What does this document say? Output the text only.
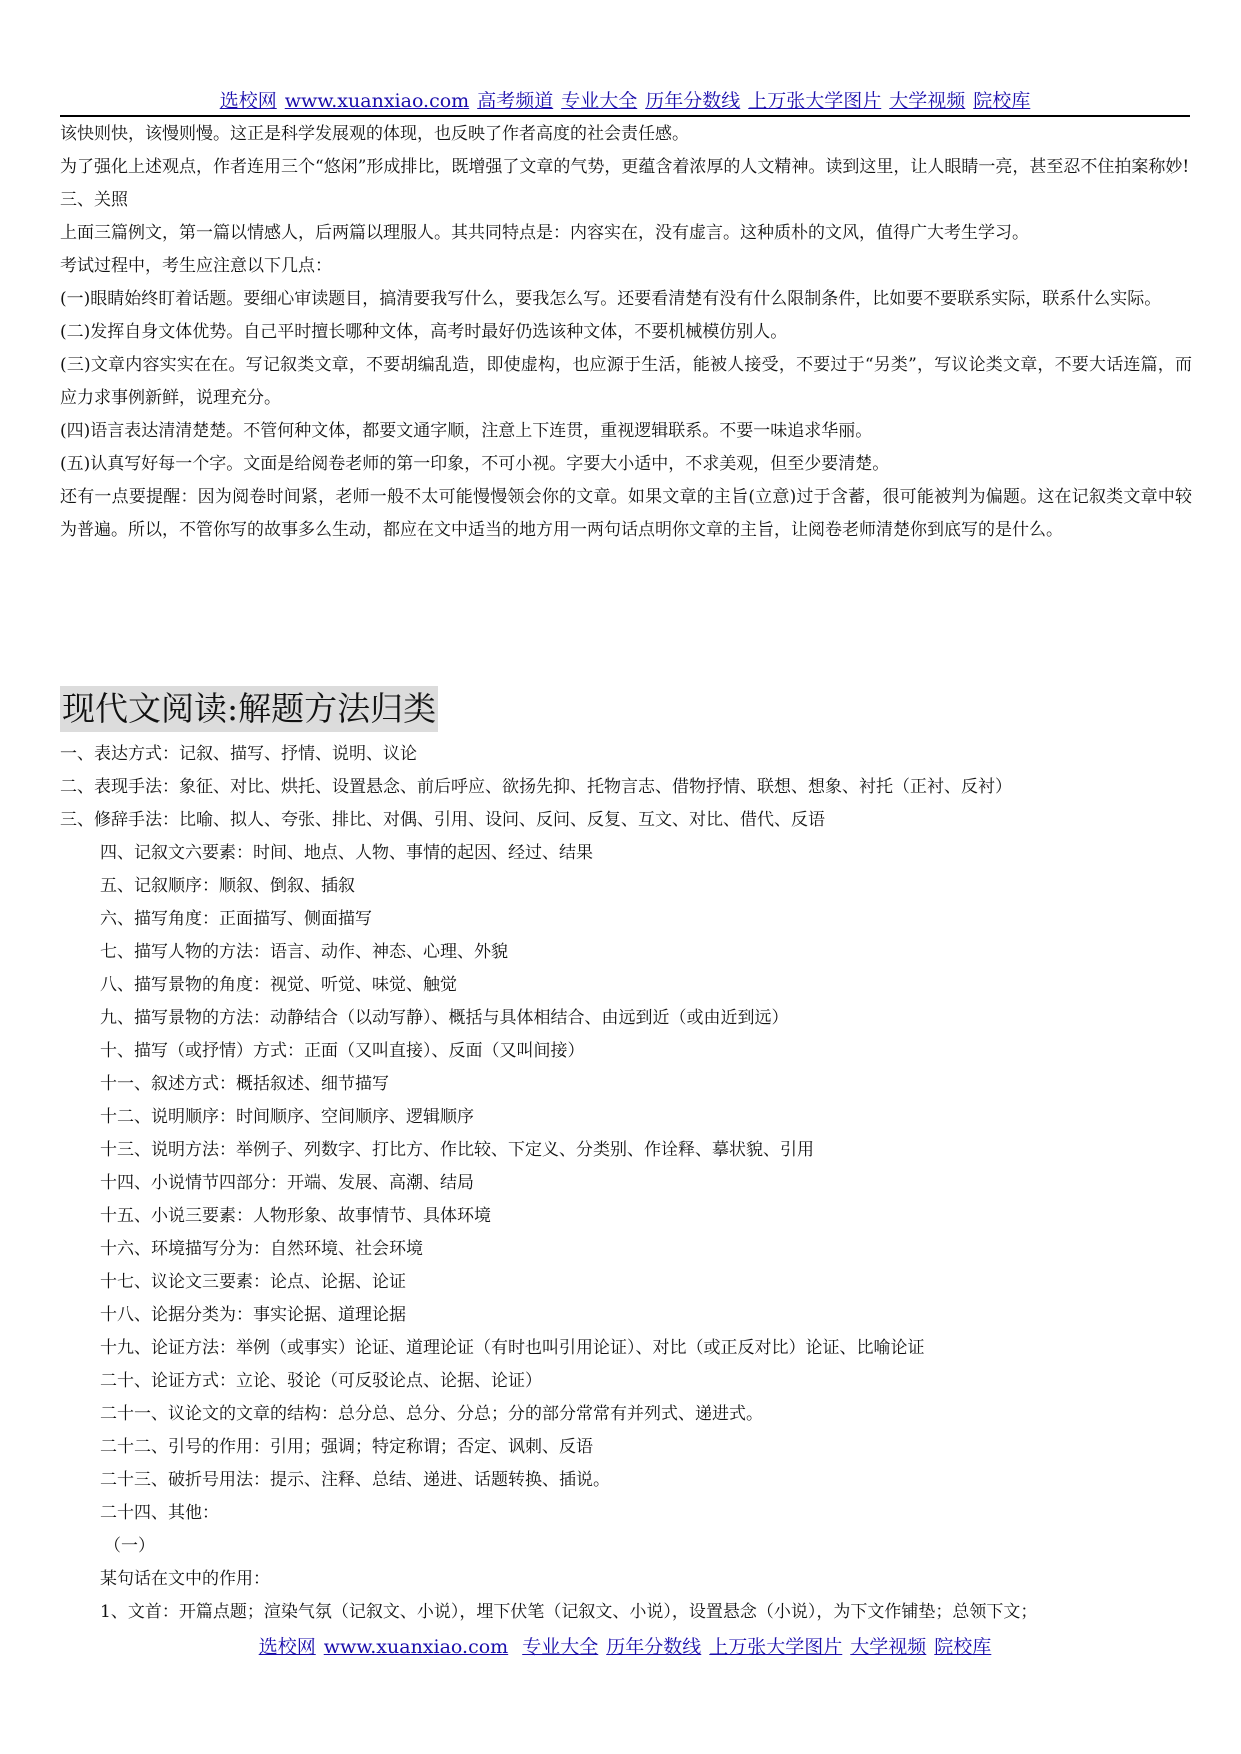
选校网 www.xuanxiao.com 高考频道 专业大全 历年分数线 上万张大学图片 大学视频 院校库

该快则快，该慢则慢。这正是科学发展观的体现，也反映了作者高度的社会责任感。

为了强化上述观点，作者连用三个“悠闲”形成排比，既增强了文章的气势，更蕴含着浓厚的人文精神。读到这里，让人眼睛一亮，甚至忍不住拍案称妙!

三、关照

上面三篇例文，第一篇以情感人，后两篇以理服人。其共同特点是：内容实在，没有虚言。这种质朴的文风，值得广大考生学习。

考试过程中，考生应注意以下几点：

(一)眼睛始终盯着话题。要细心审读题目，搞清要我写什么，要我怎么写。还要看清楚有没有什么限制条件，比如要不要联系实际，联系什么实际。

(二)发挥自身文体优势。自己平时擅长哪种文体，高考时最好仍选该种文体，不要机械模仿别人。

(三)文章内容实实在在。写记叙类文章，不要胡编乱造，即使虚构，也应源于生活，能被人接受，不要过于“另类”，写议论类文章，不要大话连篇，而应力求事例新鲜，说理充分。

(四)语言表达清清楚楚。不管何种文体，都要文通字顺，注意上下连贯，重视逻辑联系。不要一味追求华丽。

(五)认真写好每一个字。文面是给阅卷老师的第一印象，不可小视。字要大小适中，不求美观，但至少要清楚。

还有一点要提醒：因为阅卷时间紧，老师一般不太可能慢慢领会你的文章。如果文章的主旨(立意)过于含蓄，很可能被判为偏题。这在记叙类文章中较为普遍。所以，不管你写的故事多么生动，都应在文中适当的地方用一两句话点明你文章的主旨，让阅卷老师清楚你到底写的是什么。

现代文阅读:解题方法归类
一、表达方式：记叙、描写、抒情、说明、议论
二、表现手法：象征、对比、烘托、设置悬念、前后呼应、欲扬先抑、托物言志、借物抒情、联想、想象、衬托（正衬、反衬）
三、修辞手法：比喻、拟人、夸张、排比、对偶、引用、设问、反问、反复、互文、对比、借代、反语
四、记叙文六要素：时间、地点、人物、事情的起因、经过、结果
五、记叙顺序：顺叙、倒叙、插叙
六、描写角度：正面描写、侧面描写
七、描写人物的方法：语言、动作、神态、心理、外貌
八、描写景物的角度：视觉、听觉、味觉、触觉
九、描写景物的方法：动静结合（以动写静）、概括与具体相结合、由远到近（或由近到远）
十、描写（或抒情）方式：正面（又叫直接）、反面（又叫间接）
十一、叙述方式：概括叙述、细节描写
十二、说明顺序：时间顺序、空间顺序、逻辑顺序
十三、说明方法：举例子、列数字、打比方、作比较、下定义、分类别、作诠释、摹状貌、引用
十四、小说情节四部分：开端、发展、高潮、结局
十五、小说三要素：人物形象、故事情节、具体环境
十六、环境描写分为：自然环境、社会环境
十七、议论文三要素：论点、论据、论证
十八、论据分类为：事实论据、道理论据
十九、论证方法：举例（或事实）论证、道理论证（有时也叫引用论证）、对比（或正反对比）论证、比喻论证
二十、论证方式：立论、驳论（可反驳论点、论据、论证）
二十一、议论文的文章的结构：总分总、总分、分总；分的部分常常有并列式、递进式。
二十二、引号的作用：引用；强调；特定称谓；否定、讽刺、反语
二十三、破折号用法：提示、注释、总结、递进、话题转换、插说。
二十四、其他：
（一）
某句话在文中的作用：
1、文首：开篇点题；渲染气氛（记叙文、小说），埋下伏笔（记叙文、小说），设置悬念（小说），为下文作铺垫；总领下文；
选校网 www.xuanxiao.com 专业大全 历年分数线 上万张大学图片 大学视频 院校库
